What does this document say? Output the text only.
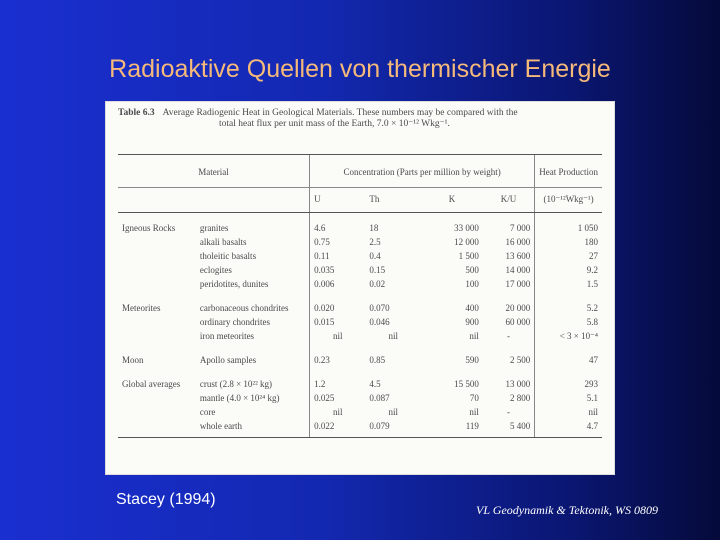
Radioaktive Quellen von thermischer Energie
Table 6.3 Average Radiogenic Heat in Geological Materials. These numbers may be compared with the
total heat flux per unit mass of the Earth, 7.0 × 10⁻¹² Wkg⁻¹.
Material		Concentration (Parts per million by weight)				Heat Production
		U	Th	K	K/U	(10⁻¹²Wkg⁻¹)
Igneous Rocks	granites	4.6	18	33 000	7 000	1 050
	alkali basalts	0.75	2.5	12 000	16 000	180
	tholeitic basalts	0.11	0.4	1 500	13 600	27
	eclogites	0.035	0.15	500	14 000	9.2
	peridotites, dunites	0.006	0.02	100	17 000	1.5
Meteorites	carbonaceous chondrites	0.020	0.070	400	20 000	5.2
	ordinary chondrites	0.015	0.046	900	60 000	5.8
	iron meteorites	nil	nil	nil	-	< 3 × 10⁻⁴
Moon	Apollo samples	0.23	0.85	590	2 500	47
Global averages	crust (2.8 × 10²² kg)	1.2	4.5	15 500	13 000	293
	mantle (4.0 × 10²⁴ kg)	0.025	0.087	70	2 800	5.1
	core	nil	nil	nil	-	nil
	whole earth	0.022	0.079	119	5 400	4.7
Stacey (1994)
VL Geodynamik & Tektonik, WS 0809
